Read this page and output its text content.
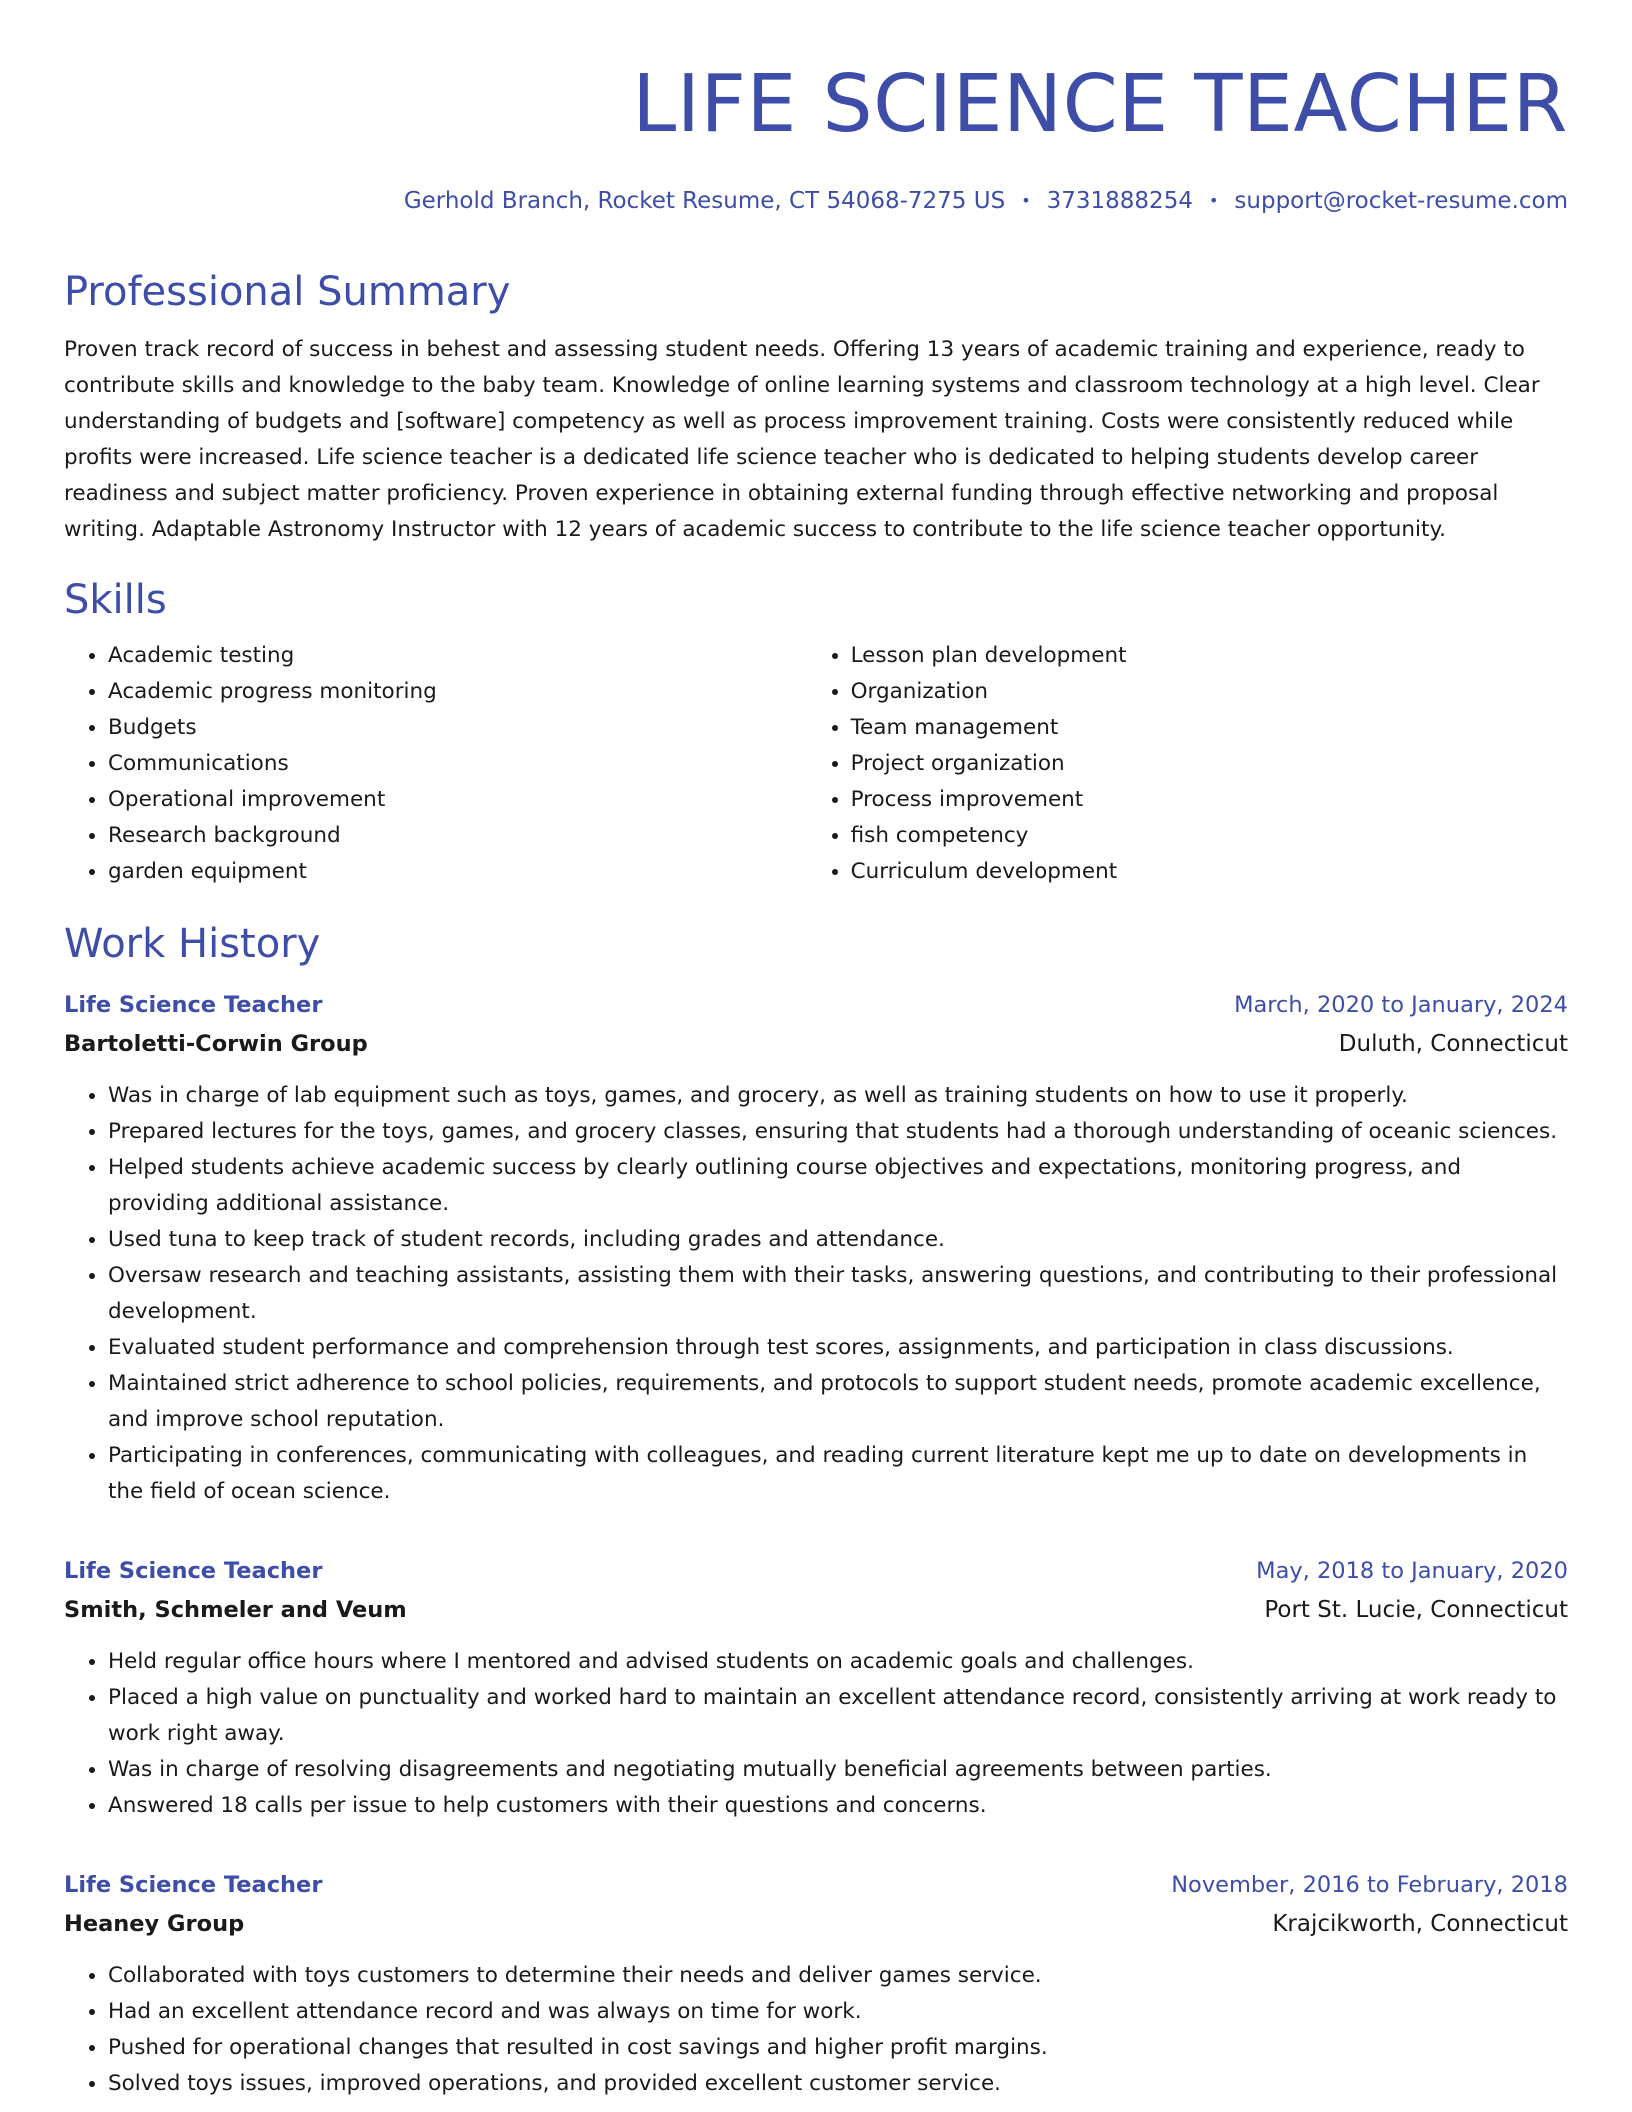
LIFE SCIENCE TEACHER
Gerhold Branch, Rocket Resume, CT 54068-7275 US • 3731888254 • support@rocket-resume.com
Professional Summary

Proven track record of success in behest and assessing student needs. Offering 13 years of academic training and experience, ready to contribute skills and knowledge to the baby team. Knowledge of online learning systems and classroom technology at a high level. Clear understanding of budgets and [software] competency as well as process improvement training. Costs were consistently reduced while profits were increased. Life science teacher is a dedicated life science teacher who is dedicated to helping students develop career readiness and subject matter proficiency. Proven experience in obtaining external funding through effective networking and proposal writing. Adaptable Astronomy Instructor with 12 years of academic success to contribute to the life science teacher opportunity.

Skills
• Academic testing
• Academic progress monitoring
• Budgets
• Communications
• Operational improvement
• Research background
• garden equipment
• Lesson plan development
• Organization
• Team management
• Project organization
• Process improvement
• fish competency
• Curriculum development
Work History
Life Science Teacher	March, 2020 to January, 2024
Bartoletti-Corwin Group	Duluth, Connecticut
• Was in charge of lab equipment such as toys, games, and grocery, as well as training students on how to use it properly.
• Prepared lectures for the toys, games, and grocery classes, ensuring that students had a thorough understanding of oceanic sciences.
• Helped students achieve academic success by clearly outlining course objectives and expectations, monitoring progress, and providing additional assistance.
• Used tuna to keep track of student records, including grades and attendance.
• Oversaw research and teaching assistants, assisting them with their tasks, answering questions, and contributing to their professional development.
• Evaluated student performance and comprehension through test scores, assignments, and participation in class discussions.
• Maintained strict adherence to school policies, requirements, and protocols to support student needs, promote academic excellence, and improve school reputation.
• Participating in conferences, communicating with colleagues, and reading current literature kept me up to date on developments in the field of ocean science.
Life Science Teacher	May, 2018 to January, 2020
Smith, Schmeler and Veum	Port St. Lucie, Connecticut
• Held regular office hours where I mentored and advised students on academic goals and challenges.
• Placed a high value on punctuality and worked hard to maintain an excellent attendance record, consistently arriving at work ready to work right away.
• Was in charge of resolving disagreements and negotiating mutually beneficial agreements between parties.
• Answered 18 calls per issue to help customers with their questions and concerns.
Life Science Teacher	November, 2016 to February, 2018
Heaney Group	Krajcikworth, Connecticut
• Collaborated with toys customers to determine their needs and deliver games service.
• Had an excellent attendance record and was always on time for work.
• Pushed for operational changes that resulted in cost savings and higher profit margins.
• Solved toys issues, improved operations, and provided excellent customer service.
